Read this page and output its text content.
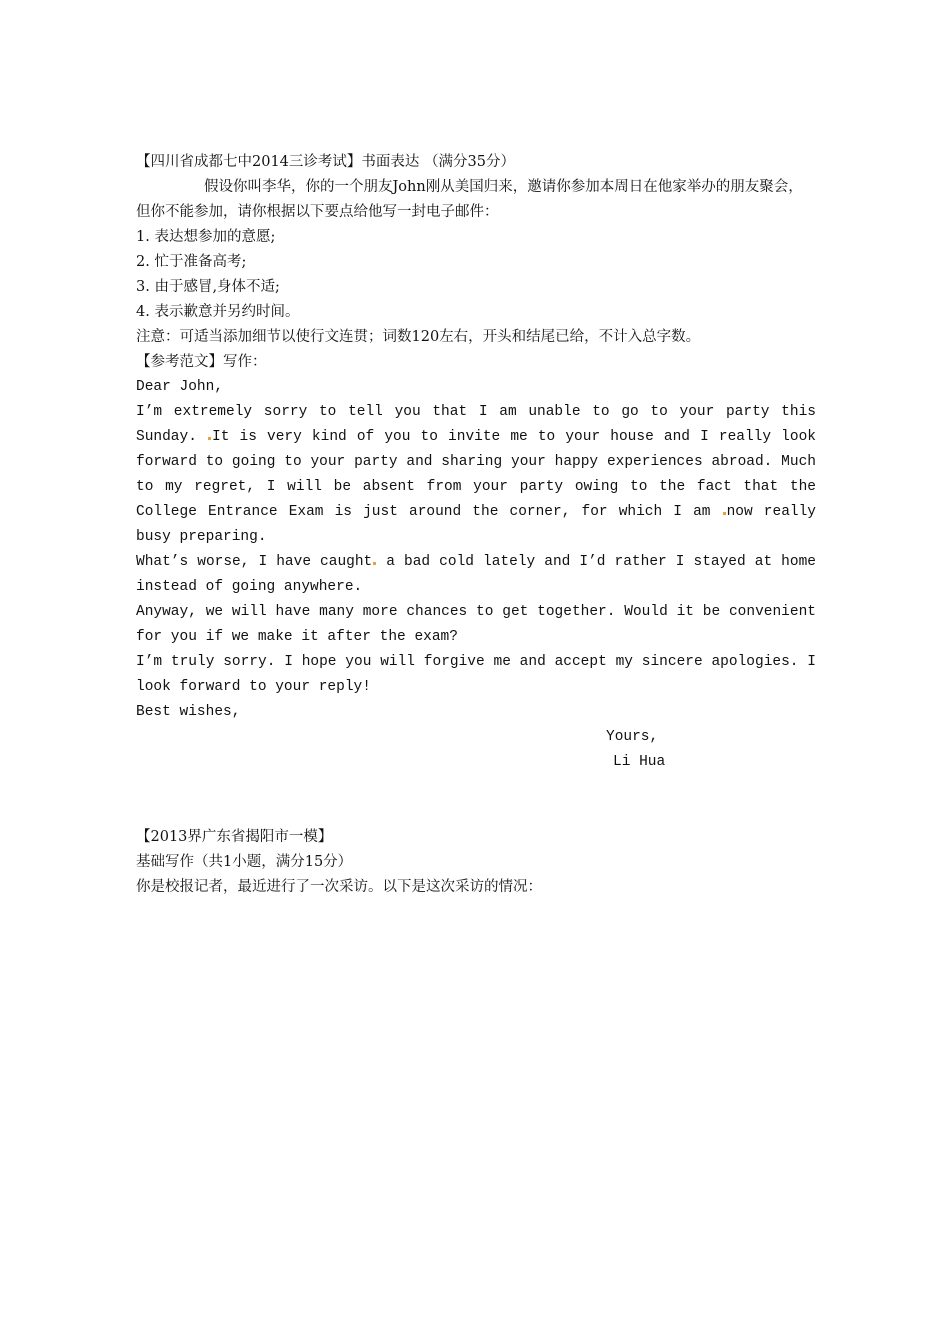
【四川省成都七中2014三诊考试】书面表达 （满分35分）
假设你叫李华，你的一个朋友John刚从美国归来，邀请你参加本周日在他家举办的朋友聚会，但你不能参加，请你根据以下要点给他写一封电子邮件：
1. 表达想参加的意愿;
2. 忙于准备高考;
3. 由于感冒,身体不适;
4. 表示歉意并另约时间。
注意：可适当添加细节以使行文连贯；词数120左右，开头和结尾已给，不计入总字数。
【参考范文】写作：
Dear John,
I’m extremely sorry to tell you that I am unable to go to your party this Sunday. It is very kind of you to invite me to your house and I really look forward to going to your party and sharing your happy experiences abroad. Much to my regret, I will be absent from your party owing to the fact that the College Entrance Exam is just around the corner, for which I am now really busy preparing.
What’s worse, I have caught a bad cold lately and I’d rather I stayed at home instead of going anywhere.
Anyway, we will have many more chances to get together. Would it be convenient for you if we make it after the exam?
I’m truly sorry. I hope you will forgive me and accept my sincere apologies. I look forward to your reply!
Best wishes,
Yours,
Li Hua
【2013界广东省揭阳市一模】
基础写作（共1小题，满分15分）
你是校报记者，最近进行了一次采访。以下是这次采访的情况：
